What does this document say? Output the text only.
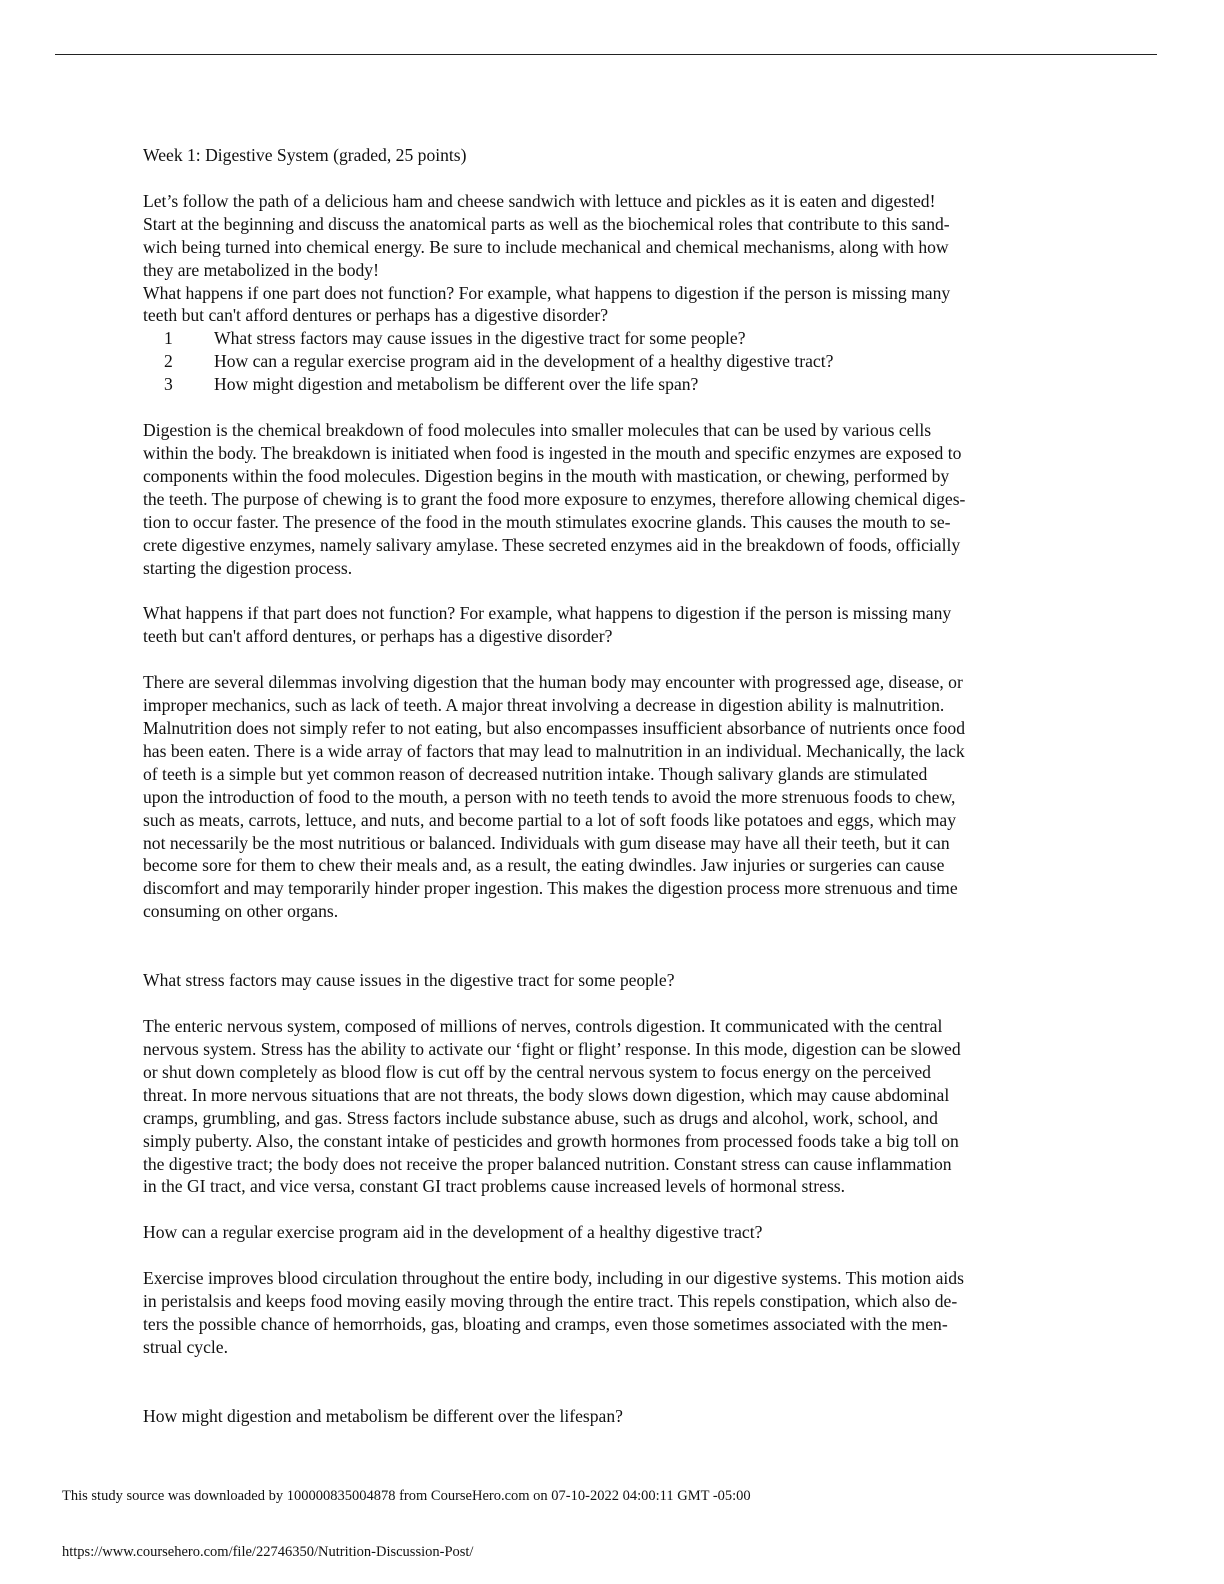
Week 1: Digestive System (graded, 25 points)

Let’s follow the path of a delicious ham and cheese sandwich with lettuce and pickles as it is eaten and digested!
Start at the beginning and discuss the anatomical parts as well as the biochemical roles that contribute to this sand-
wich being turned into chemical energy. Be sure to include mechanical and chemical mechanisms, along with how
they are metabolized in the body!
What happens if one part does not function? For example, what happens to digestion if the person is missing many
teeth but can't afford dentures or perhaps has a digestive disorder?

1 What stress factors may cause issues in the digestive tract for some people?
2 How can a regular exercise program aid in the development of a healthy digestive tract?
3 How might digestion and metabolism be different over the life span?

Digestion is the chemical breakdown of food molecules into smaller molecules that can be used by various cells
within the body. The breakdown is initiated when food is ingested in the mouth and specific enzymes are exposed to
components within the food molecules. Digestion begins in the mouth with mastication, or chewing, performed by
the teeth. The purpose of chewing is to grant the food more exposure to enzymes, therefore allowing chemical diges-
tion to occur faster. The presence of the food in the mouth stimulates exocrine glands. This causes the mouth to se-
crete digestive enzymes, namely salivary amylase. These secreted enzymes aid in the breakdown of foods, officially
starting the digestion process.

What happens if that part does not function? For example, what happens to digestion if the person is missing many
teeth but can't afford dentures, or perhaps has a digestive disorder?

There are several dilemmas involving digestion that the human body may encounter with progressed age, disease, or
improper mechanics, such as lack of teeth. A major threat involving a decrease in digestion ability is malnutrition.
Malnutrition does not simply refer to not eating, but also encompasses insufficient absorbance of nutrients once food
has been eaten. There is a wide array of factors that may lead to malnutrition in an individual. Mechanically, the lack
of teeth is a simple but yet common reason of decreased nutrition intake. Though salivary glands are stimulated
upon the introduction of food to the mouth, a person with no teeth tends to avoid the more strenuous foods to chew,
such as meats, carrots, lettuce, and nuts, and become partial to a lot of soft foods like potatoes and eggs, which may
not necessarily be the most nutritious or balanced. Individuals with gum disease may have all their teeth, but it can
become sore for them to chew their meals and, as a result, the eating dwindles. Jaw injuries or surgeries can cause
discomfort and may temporarily hinder proper ingestion. This makes the digestion process more strenuous and time
consuming on other organs.

What stress factors may cause issues in the digestive tract for some people?

The enteric nervous system, composed of millions of nerves, controls digestion. It communicated with the central
nervous system. Stress has the ability to activate our ‘fight or flight’ response. In this mode, digestion can be slowed
or shut down completely as blood flow is cut off by the central nervous system to focus energy on the perceived
threat. In more nervous situations that are not threats, the body slows down digestion, which may cause abdominal
cramps, grumbling, and gas. Stress factors include substance abuse, such as drugs and alcohol, work, school, and
simply puberty. Also, the constant intake of pesticides and growth hormones from processed foods take a big toll on
the digestive tract; the body does not receive the proper balanced nutrition. Constant stress can cause inflammation
in the GI tract, and vice versa, constant GI tract problems cause increased levels of hormonal stress.

How can a regular exercise program aid in the development of a healthy digestive tract?

Exercise improves blood circulation throughout the entire body, including in our digestive systems. This motion aids
in peristalsis and keeps food moving easily moving through the entire tract. This repels constipation, which also de-
ters the possible chance of hemorrhoids, gas, bloating and cramps, even those sometimes associated with the men-
strual cycle.

How might digestion and metabolism be different over the lifespan?

This study source was downloaded by 100000835004878 from CourseHero.com on 07-10-2022 04:00:11 GMT -05:00
https://www.coursehero.com/file/22746350/Nutrition-Discussion-Post/
